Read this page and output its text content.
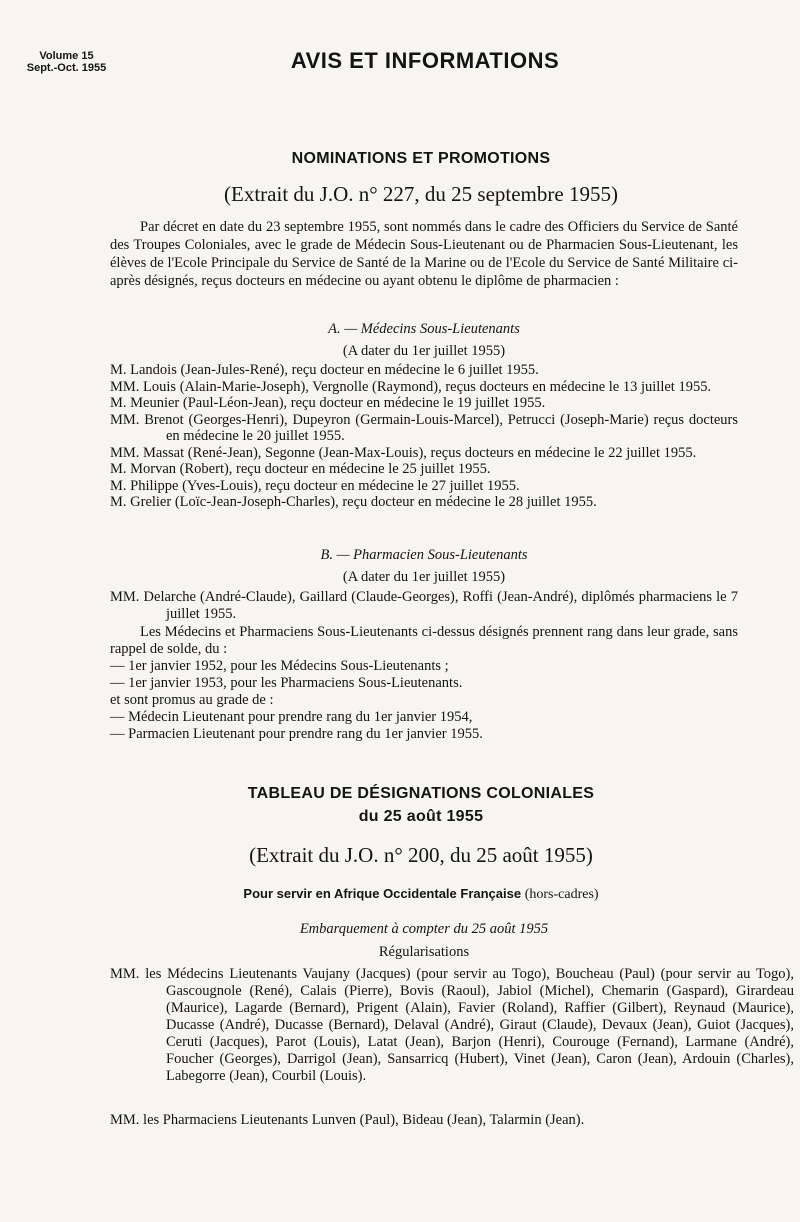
Volume 15
Sept.-Oct. 1955	AVIS ET INFORMATIONS
NOMINATIONS ET PROMOTIONS
(Extrait du J.O. n° 227, du 25 septembre 1955)
Par décret en date du 23 septembre 1955, sont nommés dans le cadre des Officiers du Service de Santé des Troupes Coloniales, avec le grade de Médecin Sous-Lieutenant ou de Pharmacien Sous-Lieutenant, les élèves de l'Ecole Principale du Service de Santé de la Marine ou de l'Ecole du Service de Santé Militaire ci-après désignés, reçus docteurs en médecine ou ayant obtenu le diplôme de pharmacien :
A. — Médecins Sous-Lieutenants
(A dater du 1er juillet 1955)
M. Landois (Jean-Jules-René), reçu docteur en médecine le 6 juillet 1955.
MM. Louis (Alain-Marie-Joseph), Vergnolle (Raymond), reçus docteurs en médecine le 13 juillet 1955.
M. Meunier (Paul-Léon-Jean), reçu docteur en médecine le 19 juillet 1955.
MM. Brenot (Georges-Henri), Dupeyron (Germain-Louis-Marcel), Petrucci (Joseph-Marie) reçus docteurs en médecine le 20 juillet 1955.
MM. Massat (René-Jean), Segonne (Jean-Max-Louis), reçus docteurs en médecine le 22 juillet 1955.
M. Morvan (Robert), reçu docteur en médecine le 25 juillet 1955.
M. Philippe (Yves-Louis), reçu docteur en médecine le 27 juillet 1955.
M. Grelier (Loïc-Jean-Joseph-Charles), reçu docteur en médecine le 28 juillet 1955.
B. — Pharmacien Sous-Lieutenants
(A dater du 1er juillet 1955)
MM. Delarche (André-Claude), Gaillard (Claude-Georges), Roffi (Jean-André), diplômés pharmaciens le 7 juillet 1955.
Les Médecins et Pharmaciens Sous-Lieutenants ci-dessus désignés prennent rang dans leur grade, sans rappel de solde, du :
— 1er janvier 1952, pour les Médecins Sous-Lieutenants ;
— 1er janvier 1953, pour les Pharmaciens Sous-Lieutenants.
et sont promus au grade de :
— Médecin Lieutenant pour prendre rang du 1er janvier 1954,
— Parmacien Lieutenant pour prendre rang du 1er janvier 1955.
TABLEAU DE DÉSIGNATIONS COLONIALES
du 25 août 1955
(Extrait du J.O. n° 200, du 25 août 1955)
Pour servir en Afrique Occidentale Française (hors-cadres)
Embarquement à compter du 25 août 1955
Régularisations
MM. les Médecins Lieutenants Vaujany (Jacques) (pour servir au Togo), Boucheau (Paul) (pour servir au Togo), Gascougnole (René), Calais (Pierre), Bovis (Raoul), Jabiol (Michel), Chemarin (Gaspard), Girardeau (Maurice), Lagarde (Bernard), Prigent (Alain), Favier (Roland), Raffier (Gilbert), Reynaud (Maurice), Ducasse (André), Ducasse (Bernard), Delaval (André), Giraut (Claude), Devaux (Jean), Guiot (Jacques), Ceruti (Jacques), Parot (Louis), Latat (Jean), Barjon (Henri), Courouge (Fernand), Larmane (André), Foucher (Georges), Darrigol (Jean), Sansarricq (Hubert), Vinet (Jean), Caron (Jean), Ardouin (Charles), Labegorre (Jean), Courbil (Louis).
MM. les Pharmaciens Lieutenants Lunven (Paul), Bideau (Jean), Talarmin (Jean).
